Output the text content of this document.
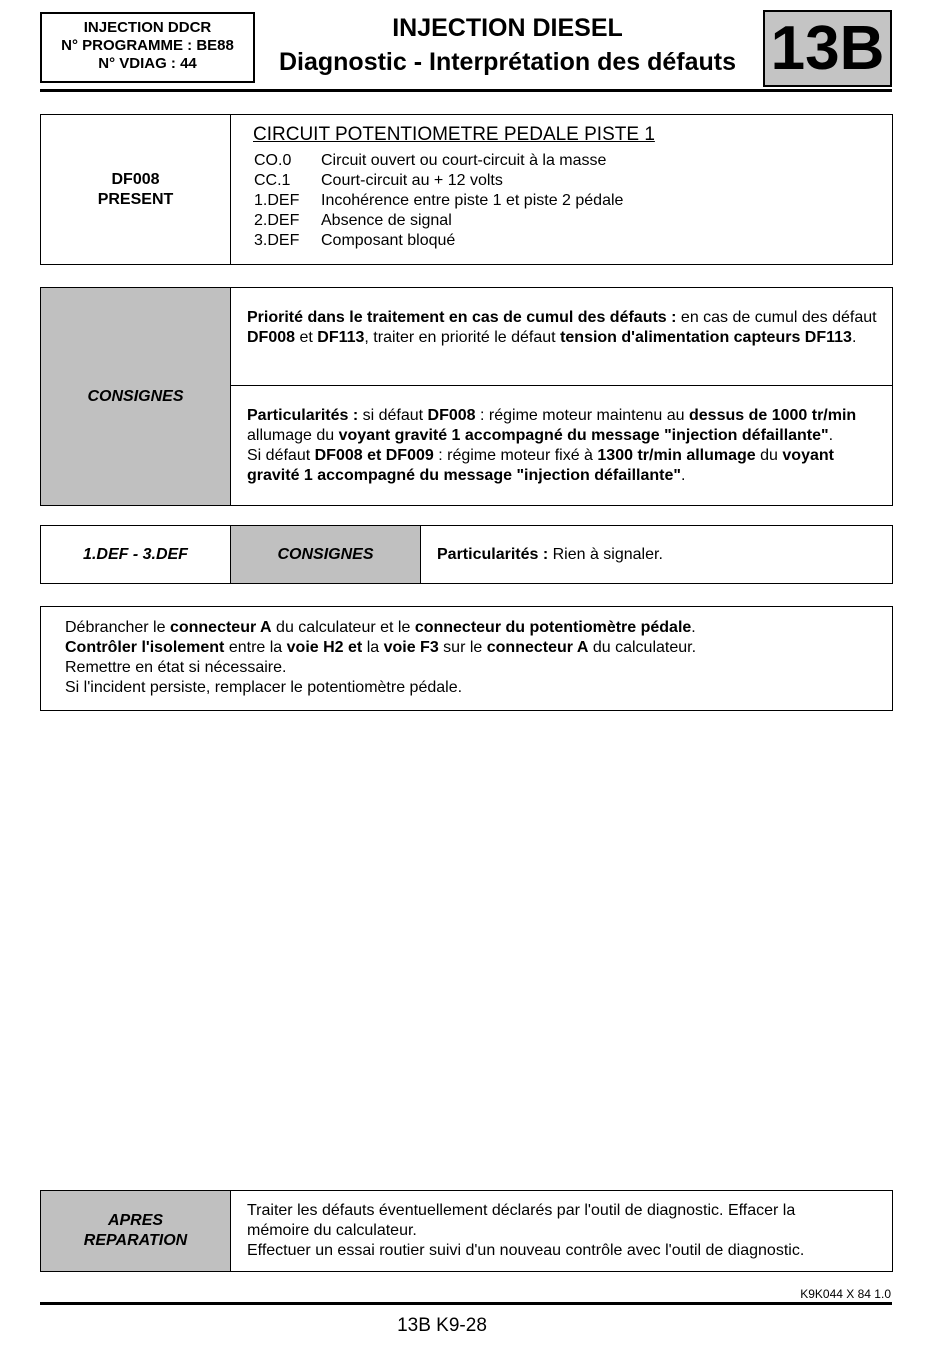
INJECTION DDCR
N° PROGRAMME : BE88
N° VDIAG : 44
INJECTION DIESEL
Diagnostic - Interprétation des défauts 13B
DF008
PRESENT
CIRCUIT POTENTIOMETRE PEDALE PISTE 1
CO.0	Circuit ouvert ou court-circuit à la masse
CC.1	Court-circuit au + 12 volts
1.DEF	Incohérence entre piste 1 et piste 2 pédale
2.DEF	Absence de signal
3.DEF	Composant bloqué
CONSIGNES
Priorité dans le traitement en cas de cumul des défauts : en cas de cumul des défaut DF008 et DF113, traiter en priorité le défaut tension d'alimentation capteurs DF113.

Particularités : si défaut DF008 : régime moteur maintenu au dessus de 1000 tr/min allumage du voyant gravité 1 accompagné du message "injection défaillante".

Si défaut DF008 et DF009 : régime moteur fixé à 1300 tr/min allumage du voyant gravité 1 accompagné du message "injection défaillante".

1.DEF - 3.DEF	CONSIGNES	Particularités : Rien à signaler.

Débrancher le connecteur A du calculateur et le connecteur du potentiomètre pédale.

Contrôler l'isolement entre la voie H2 et la voie F3 sur le connecteur A du calculateur.

Remettre en état si nécessaire.

Si l'incident persiste, remplacer le potentiomètre pédale.

APRES
REPARATION

Traiter les défauts éventuellement déclarés par l'outil de diagnostic. Effacer la mémoire du calculateur.

Effectuer un essai routier suivi d'un nouveau contrôle avec l'outil de diagnostic.

K9K044 X 84 1.0
13B K9-28
